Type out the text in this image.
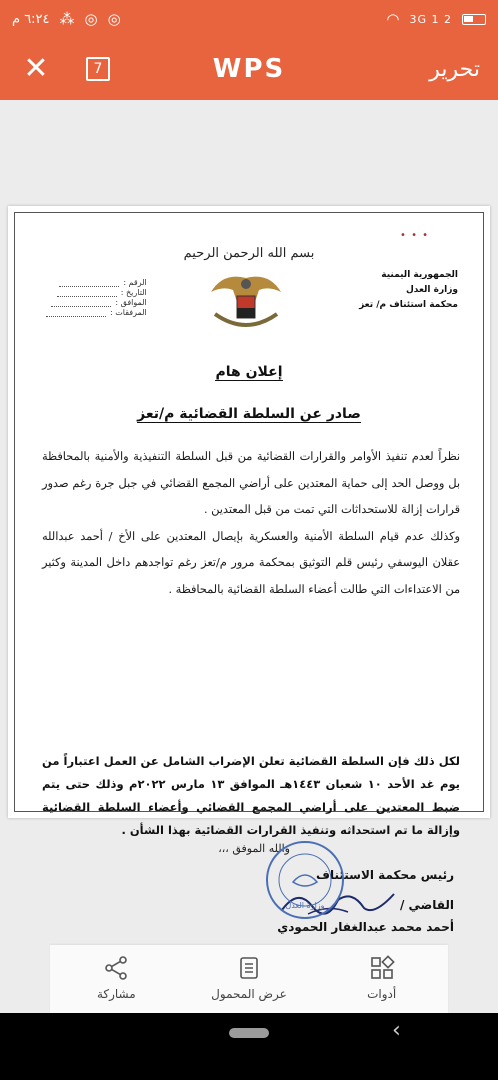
٦:٢٤ م ⁂ ◎ ◎	◠ 3G 1 2
✕	7	WPS	تحرير
• • •
بسم الله الرحمن الرحيم
الجمهورية اليمنية
وزارة العدل
محكمة استئناف م/ تعز
الرقم :
التاريخ :
الموافق :
المرفقات :
إعلان هام
صادر عن السلطة القضائية م/تعز

نظراً لعدم تنفيذ الأوامر والقرارات القضائية من قبل السلطة التنفيذية والأمنية بالمحافظة بل ووصل الحد إلى حماية المعتدين على أراضي المجمع القضائي في جبل جرة رغم صدور قرارات إزالة للاستحداثات التي تمت من قبل المعتدين .

وكذلك عدم قيام السلطة الأمنية والعسكرية بإيصال المعتدين على الأخ / أحمد عبدالله عقلان اليوسفي رئيس قلم التوثيق بمحكمة مرور م/تعز رغم تواجدهم داخل المدينة وكثير من الاعتداءات التي طالت أعضاء السلطة القضائية بالمحافظة .

لكل ذلك فإن السلطة القضائية تعلن الإضراب الشامل عن العمل اعتباراً من يوم غد الأحد ١٠ شعبان ١٤٤٣هـ الموافق ١٣ مارس ٢٠٢٢م وذلك حتى يتم ضبط المعتدين على أراضي المجمع القضائي وأعضاء السلطة القضائية وإزالة ما تم استحداثه وتنفيذ القرارات القضائية بهذا الشأن .
والله الموفق ،،،
رئيس محكمة الاستئناف
القاضي /
أحمد محمد عبدالغفار الحمودي
وزارة العدل
مشاركة	عرض المحمول	أدوات
‹
